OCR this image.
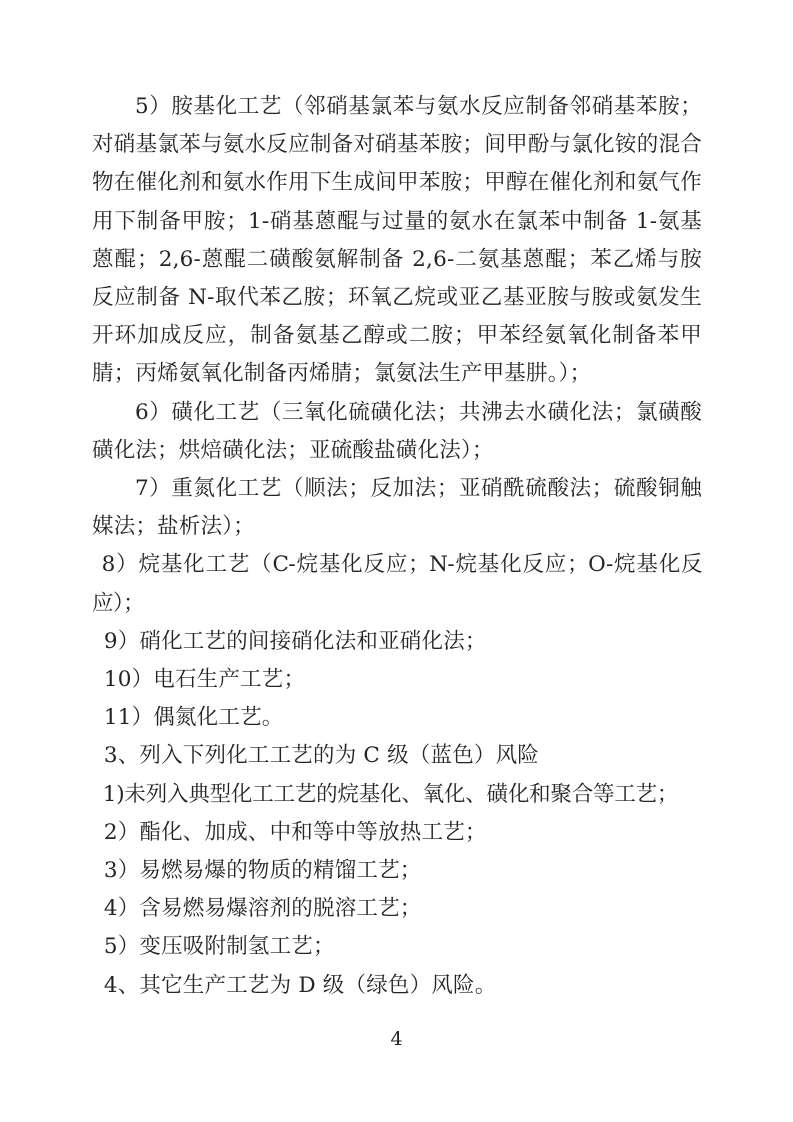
5）胺基化工艺（邻硝基氯苯与氨水反应制备邻硝基苯胺；对硝基氯苯与氨水反应制备对硝基苯胺；间甲酚与氯化铵的混合物在催化剂和氨水作用下生成间甲苯胺；甲醇在催化剂和氨气作用下制备甲胺；1-硝基蒽醌与过量的氨水在氯苯中制备 1-氨基蒽醌；2,6-蒽醌二磺酸氨解制备 2,6-二氨基蒽醌；苯乙烯与胺反应制备 N-取代苯乙胺；环氧乙烷或亚乙基亚胺与胺或氨发生开环加成反应，制备氨基乙醇或二胺；甲苯经氨氧化制备苯甲腈；丙烯氨氧化制备丙烯腈；氯氨法生产甲基肼。）；

6）磺化工艺（三氧化硫磺化法；共沸去水磺化法；氯磺酸磺化法；烘焙磺化法；亚硫酸盐磺化法）；

7）重氮化工艺（顺法；反加法；亚硝酰硫酸法；硫酸铜触媒法；盐析法）；

8）烷基化工艺（C-烷基化反应；N-烷基化反应；O-烷基化反应）；

9）硝化工艺的间接硝化法和亚硝化法；

10）电石生产工艺；

11）偶氮化工艺。

3、列入下列化工工艺的为 C 级（蓝色）风险

1)未列入典型化工工艺的烷基化、氧化、磺化和聚合等工艺；

2）酯化、加成、中和等中等放热工艺；

3）易燃易爆的物质的精馏工艺；

4）含易燃易爆溶剂的脱溶工艺；

5）变压吸附制氢工艺；

4、其它生产工艺为 D 级（绿色）风险。

4
